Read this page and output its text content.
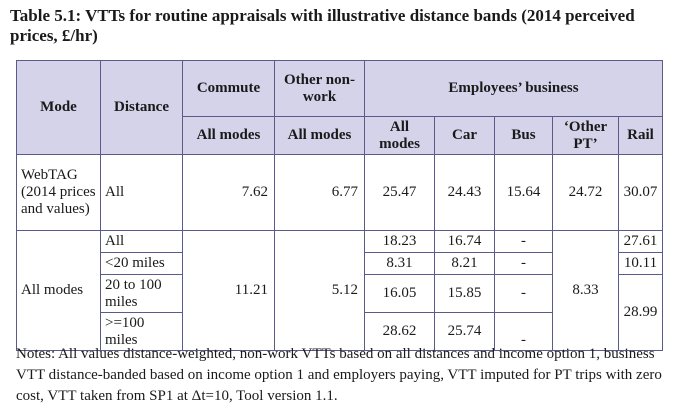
Table 5.1: VTTs for routine appraisals with illustrative distance bands (2014 perceived prices, £/hr)
Mode	Distance	Commute	Other non-work	Employees’ business				
		All modes	All modes	All modes	Car	Bus	‘Other PT’	Rail
WebTAG (2014 prices and values)	All	7.62	6.77	25.47	24.43	15.64	24.72	30.07
All modes	All	11.21	5.12	18.23	16.74	-	8.33	27.61
	<20 miles			8.31	8.21	-		10.11
	20 to 100 miles			16.05	15.85	-		28.99
	>=100 miles			28.62	25.74	-		
Notes: All values distance-weighted, non-work VTTs based on all distances and income option 1, business VTT distance-banded based on income option 1 and employers paying, VTT imputed for PT trips with zero cost, VTT taken from SP1 at Δt=10, Tool version 1.1.
